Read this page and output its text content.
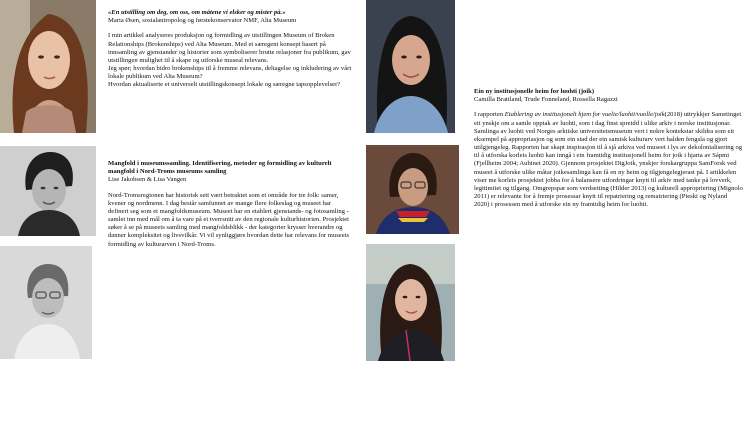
«En utstilling om deg, om oss, om måtene vi elsker og mister på.»

Maria Øsen, sosialantropolog og førstekonservator NMF, Alta Museum

I min artikkel analyseres produksjon og formidling av utstillingen Museum of Broken Relationships (Brokenships) ved Alta Museum. Med et særegent konsept basert på innsamling av gjenstander og historier som symboliserer brutte relasjoner fra publikum, gav utstillingen mulighet til å skape og utforske museal relevans.

Jeg spør; hvordan bidro brokenships til å fremme relevans, deltagelse og inkludering av vårt lokale publikum ved Alta Museum?

Hvordan aktualiserte et universelt utstillingskonsept lokale og særegne tapsopplevelser?

Mangfold i museumssamling. Identifisering, metoder og formidling av kulturelt mangfold i Nord-Troms museums samling

Lise Jakobsen & Lisa Vangen

Nord-Tromsregionen har historisk sett vært betraktet som et område for tre folk: samer, kvener og nordmenn. I dag består samfunnet av mange flere folkeslag og museet har definert seg som et mangfoldsmuseum. Museet har en etablert gjenstands- og fotosamling - samlet inn med mål om å ta vare på et tverrsnitt av den regionale kulturhistorien. Prosjektet søker å se på museets samling med mangfoldsblikk - der kategorier krysser hverandre og danner kompleksitet og livsvilkår. Vi vil synliggjøre hvordan dette har relevans for museets formidling av kulturarven i Nord-Troms.

Ein ny institusjonelle heim for luohti (joik)

Camilla Brattland, Trude Fonneland, Rossella Ragazzi

I rapporten Etablering av institusjonelt hjem for vuelie/luohti/vuolle/joik(2018) uttrykkjer Sametinget eit ynskje om a samle opptak av luohti, som i dag finst spreidd i ulike arkiv i norske institusjonar. Samlinga av luohti ved Norges arktiske universitetsmuseum vert i nokre kontekstar skildra som eit eksempel på appropriasjon og som ein stad der ein samisk kulturarv vert halden fengsla og gjort utilgjengeleg. Rapporten har skapt inspirasjon til å sjå arkiva ved museet i lys av dekolonialisering og til å utforska korleis luohti kan inngå i ein framtidig institusjonell heim for joik i hjarta av Sápmi (Fjellheim 2004; Aubinet 2020). Gjennom prosjektet DigJoik, ynskjer forskargruppa SamForsk ved museet å utforske ulike måtar joikesamlinga kan få en ny heim og tilgjengelegjerast på. I artikkelen viser me korleis prosjektet jobba for å balansere utfordringar knytt til arkiv med tanke på lovverk, legitimitet og tilgang. Omgrepspar som verdsetting (Hilder 2013) og kulturell appropriering (Mignolo 2011) er relevante for å fremje prosessar knytt til repatriering og rematriering (Pieski og Nyland 2020) i prosessen med å utforske ein ny framtidig heim for luohti.
